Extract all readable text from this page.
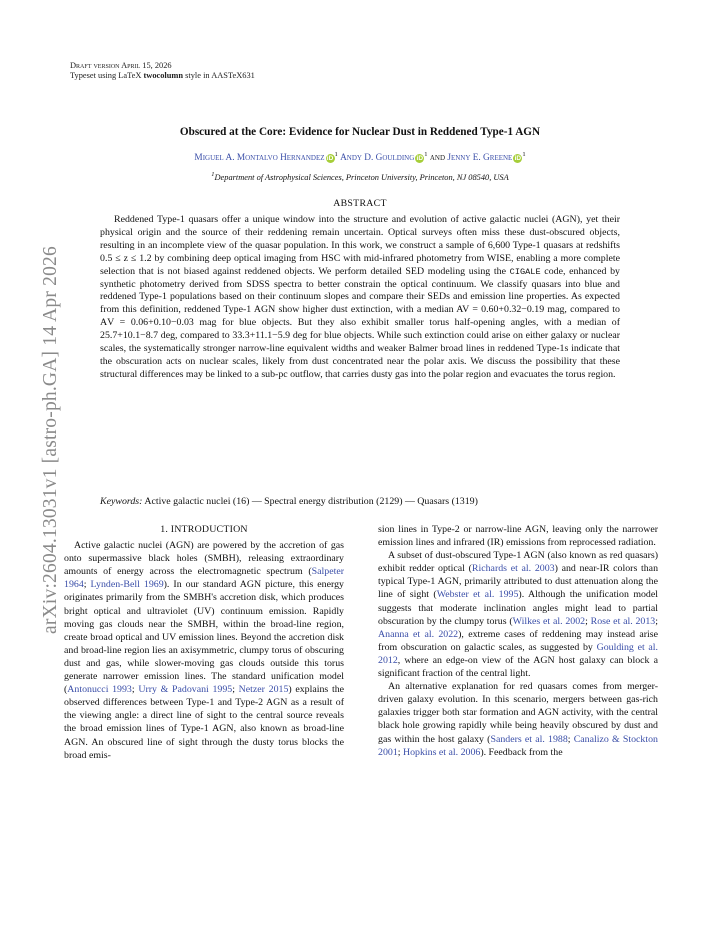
arXiv:2604.13031v1 [astro-ph.GA] 14 Apr 2026
Draft version April 15, 2026
Typeset using LaTeX twocolumn style in AASTeX631
Obscured at the Core: Evidence for Nuclear Dust in Reddened Type-1 AGN
Miguel A. Montalvo Hernandez $iD^1$ Andy D. Goulding $iD^1$ and Jenny E. Greene $iD^1$
$^1$Department of Astrophysical Sciences, Princeton University, Princeton, NJ 08540, USA
ABSTRACT

Reddened Type-1 quasars offer a unique window into the structure and evolution of active galactic nuclei (AGN), yet their physical origin and the source of their reddening remain uncertain. Optical surveys often miss these dust-obscured objects, resulting in an incomplete view of the quasar population. In this work, we construct a sample of 6,600 Type-1 quasars at redshifts 0.5 ≤ z ≤ 1.2 by combining deep optical imaging from HSC with mid-infrared photometry from WISE, enabling a more complete selection that is not biased against reddened objects. We perform detailed SED modeling using the CIGALE code, enhanced by synthetic photometry derived from SDSS spectra to better constrain the optical continuum. We classify quasars into blue and reddened Type-1 populations based on their continuum slopes and compare their SEDs and emission line properties. As expected from this definition, reddened Type-1 AGN show higher dust extinction, with a median AV = 0.60+0.32−0.19 mag, compared to AV = 0.06+0.10−0.03 mag for blue objects. But they also exhibit smaller torus half-opening angles, with a median of 25.7+10.1−8.7 deg, compared to 33.3+11.1−5.9 deg for blue objects. While such extinction could arise on either galaxy or nuclear scales, the systematically stronger narrow-line equivalent widths and weaker Balmer broad lines in reddened Type-1s indicate that the obscuration acts on nuclear scales, likely from dust concentrated near the polar axis. We discuss the possibility that these structural differences may be linked to a sub-pc outflow, that carries dusty gas into the polar region and evacuates the torus region.

Keywords: Active galactic nuclei (16) — Spectral energy distribution (2129) — Quasars (1319)
1. INTRODUCTION

Active galactic nuclei (AGN) are powered by the accretion of gas onto supermassive black holes (SMBH), releasing extraordinary amounts of energy across the electromagnetic spectrum (Salpeter 1964; Lynden-Bell 1969). In our standard AGN picture, this energy originates primarily from the SMBH's accretion disk, which produces bright optical and ultraviolet (UV) continuum emission. Rapidly moving gas clouds near the SMBH, within the broad-line region, create broad optical and UV emission lines. Beyond the accretion disk and broad-line region lies an axisymmetric, clumpy torus of obscuring dust and gas, while slower-moving gas clouds outside this torus generate narrower emission lines. The standard unification model (Antonucci 1993; Urry & Padovani 1995; Netzer 2015) explains the observed differences between Type-1 and Type-2 AGN as a result of the viewing angle: a direct line of sight to the central source reveals the broad emission lines of Type-1 AGN, also known as broad-line AGN. An obscured line of sight through the dusty torus blocks the broad emis-

sion lines in Type-2 or narrow-line AGN, leaving only the narrower emission lines and infrared (IR) emissions from reprocessed radiation.

A subset of dust-obscured Type-1 AGN (also known as red quasars) exhibit redder optical (Richards et al. 2003) and near-IR colors than typical Type-1 AGN, primarily attributed to dust attenuation along the line of sight (Webster et al. 1995). Although the unification model suggests that moderate inclination angles might lead to partial obscuration by the clumpy torus (Wilkes et al. 2002; Rose et al. 2013; Ananna et al. 2022), extreme cases of reddening may instead arise from obscuration on galactic scales, as suggested by Goulding et al. 2012, where an edge-on view of the AGN host galaxy can block a significant fraction of the central light.

An alternative explanation for red quasars comes from merger-driven galaxy evolution. In this scenario, mergers between gas-rich galaxies trigger both star formation and AGN activity, with the central black hole growing rapidly while being heavily obscured by dust and gas within the host galaxy (Sanders et al. 1988; Canalizo & Stockton 2001; Hopkins et al. 2006). Feedback from the
